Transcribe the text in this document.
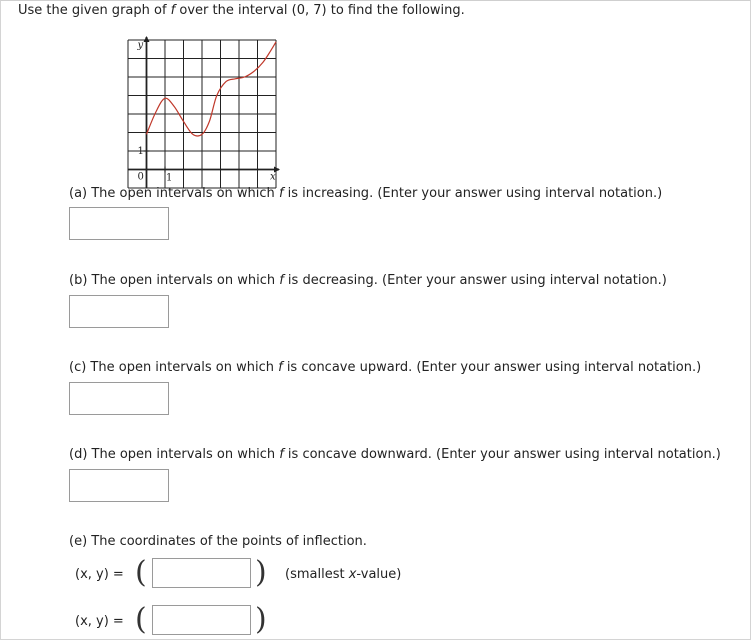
Use the given graph of f over the interval (0, 7) to find the following.
y
x
1
1
0
(a) The open intervals on which f is increasing. (Enter your answer using interval notation.)
(b) The open intervals on which f is decreasing. (Enter your answer using interval notation.)
(c) The open intervals on which f is concave upward. (Enter your answer using interval notation.)
(d) The open intervals on which f is concave downward. (Enter your answer using interval notation.)
(e) The coordinates of the points of inflection.
(x, y) = (	) (smallest x-value)
(x, y) = (	)
